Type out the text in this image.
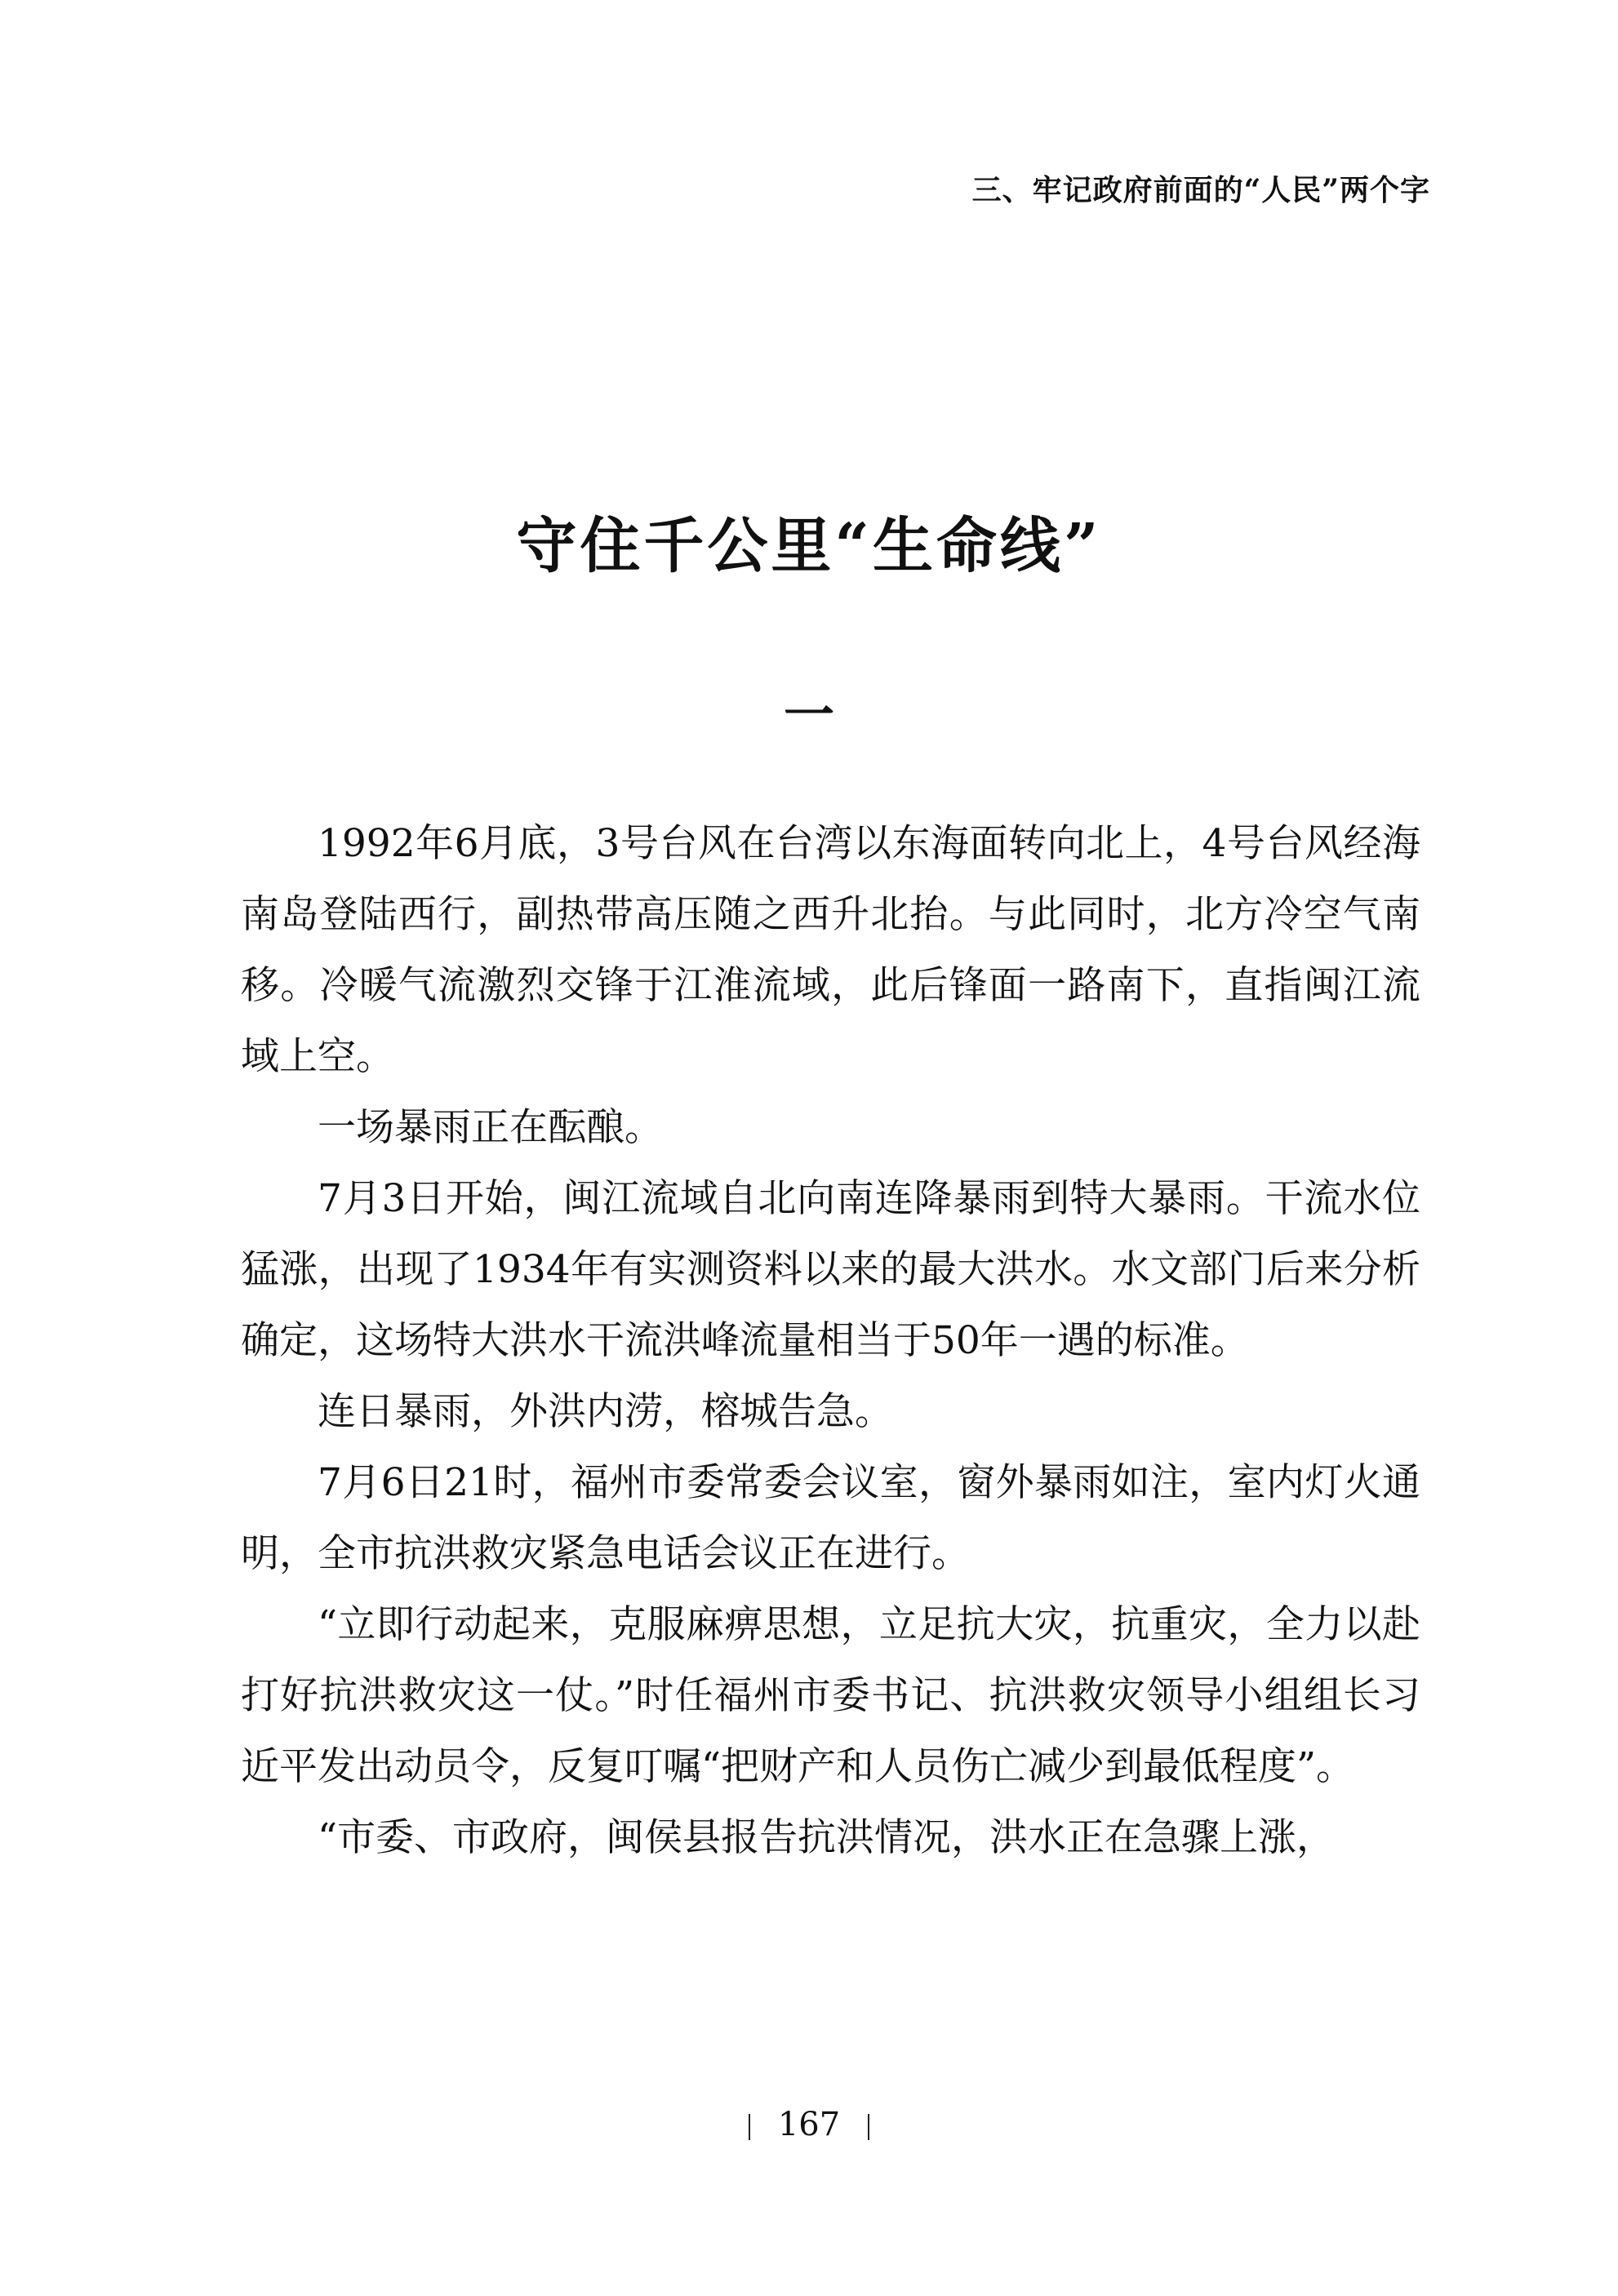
三、牢记政府前面的“人民”两个字
守住千公里“生命线”
一

1992年6月底，3号台风在台湾以东海面转向北上，4号台风经海南岛登陆西行，副热带高压随之西升北抬。与此同时，北方冷空气南移。冷暖气流激烈交锋于江淮流域，此后锋面一路南下，直指闽江流域上空。

一场暴雨正在酝酿。

7月3日开始，闽江流域自北向南连降暴雨到特大暴雨。干流水位猛涨，出现了1934年有实测资料以来的最大洪水。水文部门后来分析确定，这场特大洪水干流洪峰流量相当于50年一遇的标准。

连日暴雨，外洪内涝，榕城告急。

7月6日21时，福州市委常委会议室，窗外暴雨如注，室内灯火通明，全市抗洪救灾紧急电话会议正在进行。

“立即行动起来，克服麻痹思想，立足抗大灾，抗重灾，全力以赴打好抗洪救灾这一仗。”时任福州市委书记、抗洪救灾领导小组组长习近平发出动员令，反复叮嘱“把财产和人员伤亡减少到最低程度”。

“市委、市政府，闽侯县报告抗洪情况，洪水正在急骤上涨，

167
